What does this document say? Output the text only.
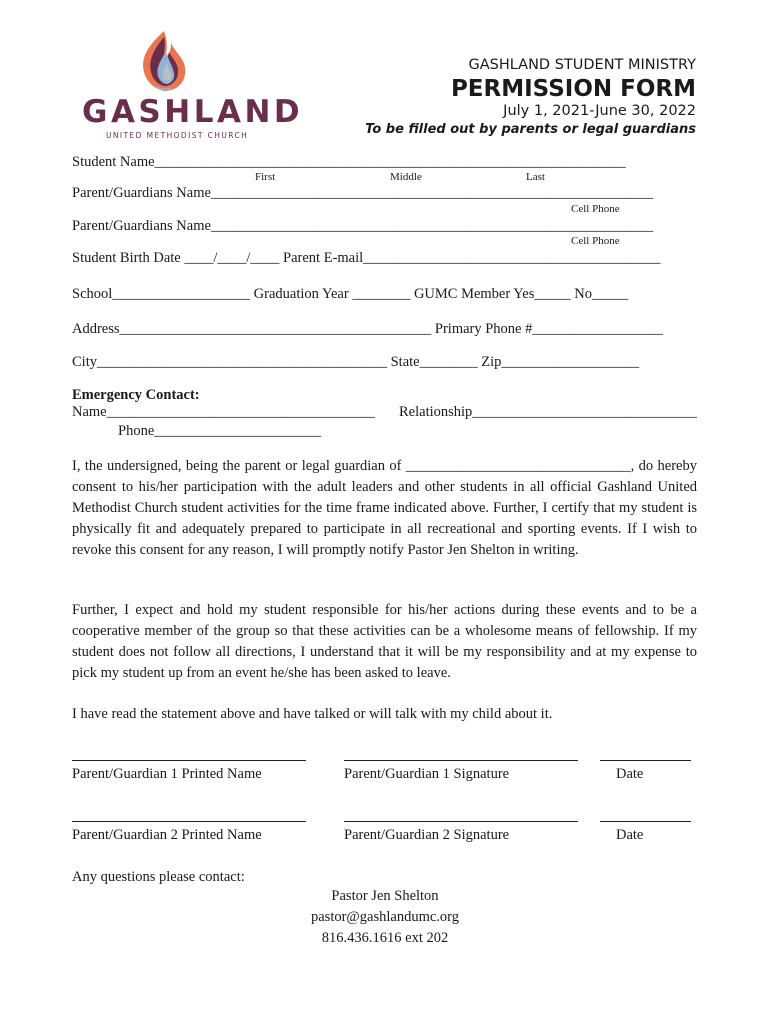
GASHLAND
UNITED METHODIST CHURCH
GASHLAND STUDENT MINISTRY
PERMISSION FORM
July 1, 2021-June 30, 2022
To be filled out by parents or legal guardians
Student Name_________________________________________________________________
First	Middle	Last
Parent/Guardians Name_____________________________________________________________
Cell Phone
Parent/Guardians Name_____________________________________________________________
Cell Phone
Student Birth Date ____/____/____ Parent E-mail_________________________________________
School___________________ Graduation Year ________ GUMC Member Yes_____ No_____
Address___________________________________________ Primary Phone #__________________
City________________________________________ State________ Zip___________________
Emergency Contact:
Name_____________________________________ Relationship_______________________________
Phone_______________________
I, the undersigned, being the parent or legal guardian of _______________________________, do hereby consent to his/her participation with the adult leaders and other students in all official Gashland United Methodist Church student activities for the time frame indicated above. Further, I certify that my student is physically fit and adequately prepared to participate in all recreational and sporting events. If I wish to revoke this consent for any reason, I will promptly notify Pastor Jen Shelton in writing.
Further, I expect and hold my student responsible for his/her actions during these events and to be a cooperative member of the group so that these activities can be a wholesome means of fellowship. If my student does not follow all directions, I understand that it will be my responsibility and at my expense to pick my student up from an event he/she has been asked to leave.
I have read the statement above and have talked or will talk with my child about it.
Parent/Guardian 1 Printed Name	Parent/Guardian 1 Signature	Date
Parent/Guardian 2 Printed Name	Parent/Guardian 2 Signature	Date
Any questions please contact:
Pastor Jen Shelton
pastor@gashlandumc.org
816.436.1616 ext 202
